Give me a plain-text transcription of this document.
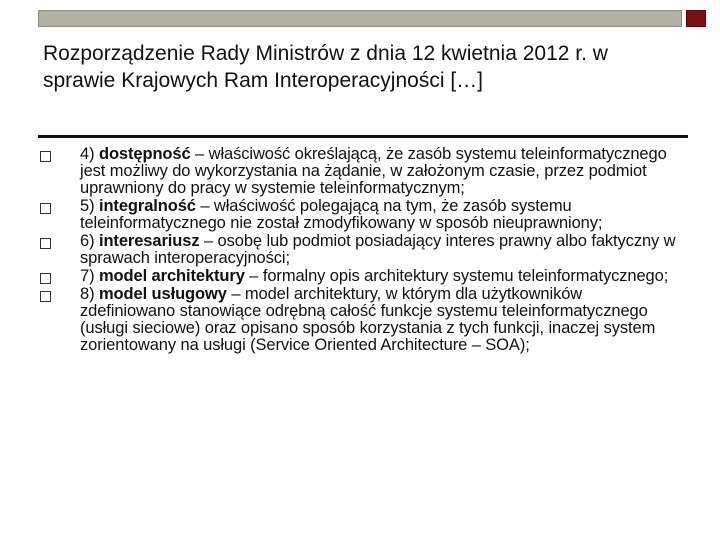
Rozporządzenie Rady Ministrów z dnia 12 kwietnia 2012 r. w sprawie Krajowych Ram Interoperacyjności […]
4) dostępność – właściwość określającą, że zasób systemu teleinformatycznego jest możliwy do wykorzystania na żądanie, w założonym czasie, przez podmiot uprawniony do pracy w systemie teleinformatycznym;
5) integralność – właściwość polegającą na tym, że zasób systemu teleinformatycznego nie został zmodyfikowany w sposób nieuprawniony;
6) interesariusz – osobę lub podmiot posiadający interes prawny albo faktyczny w sprawach interoperacyjności;
7) model architektury – formalny opis architektury systemu teleinformatycznego;
8) model usługowy – model architektury, w którym dla użytkowników zdefiniowano stanowiące odrębną całość funkcje systemu teleinformatycznego (usługi sieciowe) oraz opisano sposób korzystania z tych funkcji, inaczej system zorientowany na usługi (Service Oriented Architecture – SOA);
